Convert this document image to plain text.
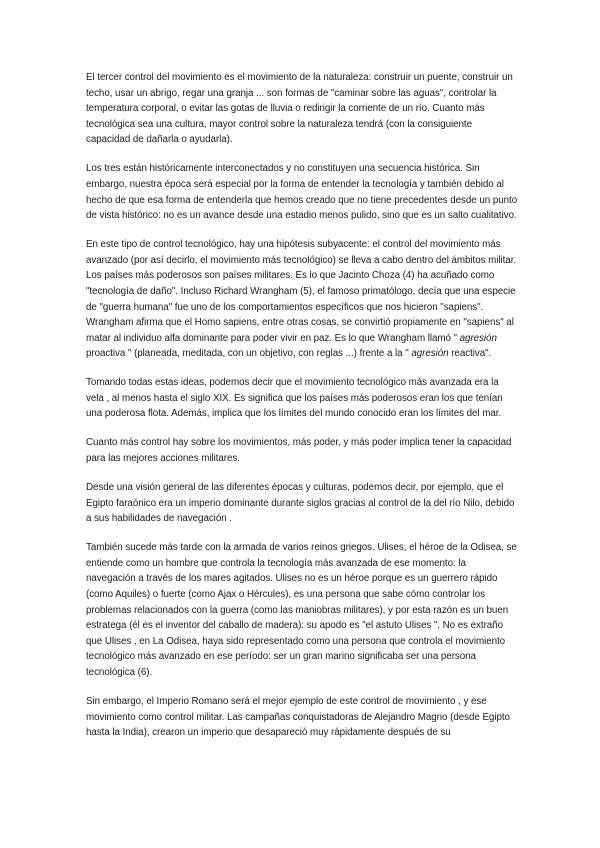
El tercer control del movimiento es el movimiento de la naturaleza: construir un puente, construir un techo, usar un abrigo, regar una granja ... son formas de "caminar sobre las aguas", controlar la temperatura corporal, o evitar las gotas de lluvia o redirigir la corriente de un río. Cuanto más tecnológica sea una cultura, mayor control sobre la naturaleza tendrá (con la consiguiente capacidad de dañarla o ayudarla).

Los tres están históricamente interconectados y no constituyen una secuencia histórica. Sin embargo, nuestra época será especial por la forma de entender la tecnología y también debido al hecho de que esa forma de entenderla que hemos creado que no tiene precedentes desde un punto de vista histórico: no es un avance desde una estadio menos pulido, sino que es un salto cualitativo.

En este tipo de control tecnológico, hay una hipótesis subyacente: el control del movimiento más avanzado (por así decirlo, el movimiento más tecnológico) se lleva a cabo dentro del ámbitos militar. Los países más poderosos son países militares. Es lo que Jacinto Choza (4) ha acuñado como "tecnología de daño". Incluso Richard Wrangham (5), el famoso primatólogo, decía que una especie de "guerra humana" fue uno de los comportamientos específicos que nos hicieron "sapiens". Wrangham afirma que el Homo sapiens, entre otras cosas, se convirtió propiamente en "sapiens" al matar al individuo alfa dominante para poder vivir en paz. Es lo que Wrangham llamó " agresión proactiva " (planeada, meditada, con un objetivo, con reglas ...) frente a la " agresión reactiva".

Tomando todas estas ideas, podemos decir que el movimiento tecnológico más avanzada era la vela , al menos hasta el siglo XIX. Es significa que los países más poderosos eran los que tenían una poderosa flota. Además, implica que los límites del mundo conocido eran los límites del mar.

Cuanto más control hay sobre los movimientos, más poder, y más poder implica tener la capacidad para las mejores acciones militares.

Desde una visión general de las diferentes épocas y culturas, podemos decir, por ejemplo, que el Egipto faraónico era un imperio dominante durante siglos gracias al control de la del río Nilo, debido a sus habilidades de navegación .

También sucede más tarde con la armada de varios reinos griegos. Ulises, el héroe de la Odisea, se entiende como un hombre que controla la tecnología más avanzada de ese momento: la navegación a través de los mares agitados. Ulises no es un héroe porque es un guerrero rápido (como Aquiles) o fuerte (como Ajax o Hércules), es una persona que sabe cómo controlar los problemas relacionados con la guerra (como las maniobras militares), y por esta razón es un buen estratega (él es el inventor del caballo de madera): su apodo es "el astuto Ulises ". No es extraño que Ulises , en La Odisea, haya sido representado como una persona que controla el movimiento tecnológico más avanzado en ese período: ser un gran marino significaba ser una persona tecnológica (6).

Sin embargo, el Imperio Romano será el mejor ejemplo de este control de movimiento , y ese movimiento como control militar. Las campañas conquistadoras de Alejandro Magno (desde Egipto hasta la India), crearon un imperio que desapareció muy rápidamente después de su
